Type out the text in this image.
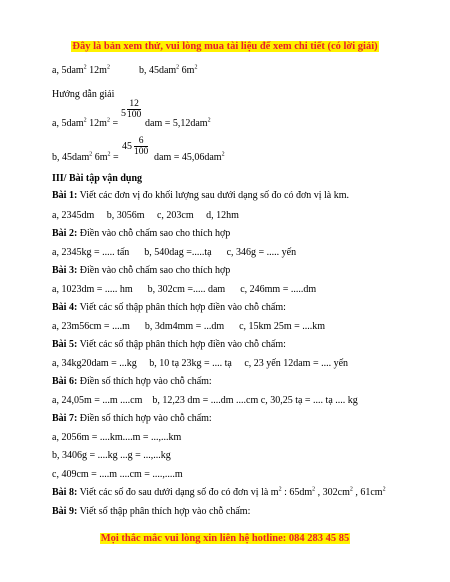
Đây là bản xem thử, vui lòng mua tài liệu để xem chi tiết (có lời giải)
a, 5dam$^2$ $12m^2$	b, 45dam$^2$ $6m^2$
Hướng dẫn giải
a, 5dam$^2$ $12m^2$ =
$5 \frac{12}{100}$
dam = 5,12dam$^2$
b, 45dam$^2$ $6m^2$ =
$45 \frac{6}{100}$
dam = 45,06dam$^2$
III/ Bài tập vận dụng
Bài 1: Viết các đơn vị đo khối lượng sau dưới dạng số đo có đơn vị là km.
a, 2345dm     b, 3056m     c, 203cm     d, 12hm
Bài 2: Điền vào chỗ chấm sao cho thích hợp
a, 2345kg = ..... tấn      b, 540dag =.....tạ      c, 346g = ..... yến
Bài 3: Điền vào chỗ chấm sao cho thích hợp
a, 1023dm = ..... hm      b, 302cm =..... dam      c, 246mm = .....dm
Bài 4: Viết các số thập phân thích hợp điền vào chỗ chấm:
a, 23m56cm = ....m      b, 3dm4mm = ...dm      c, 15km 25m = ....km
Bài 5: Viết các số thập phân thích hợp điền vào chỗ chấm:
a, 34kg20dam = ...kg     b, 10 tạ 23kg = .... tạ     c, 23 yến 12dam = .... yến
Bài 6: Điền số thích hợp vào chỗ chấm:
a, 24,05m = ...m ....cm    b, 12,23 dm = ....dm ....cm c, 30,25 tạ = .... tạ .... kg
Bài 7: Điền số thích hợp vào chỗ chấm:
a, 2056m = ....km....m = ...,...km
b, 3406g = ....kg ...g = ...,...kg
c, 409cm = ....m ....cm = ....,....m
Bài 8: Viết các số đo sau dưới dạng số đo có đơn vị là $m^2$ : $65dm^2$ , $302cm^2$ , $61cm^2$
Bài 9: Viết số thập phân thích hợp vào chỗ chấm:
Mọi thắc mắc vui lòng xin liên hệ hotline: 084 283 45 85
